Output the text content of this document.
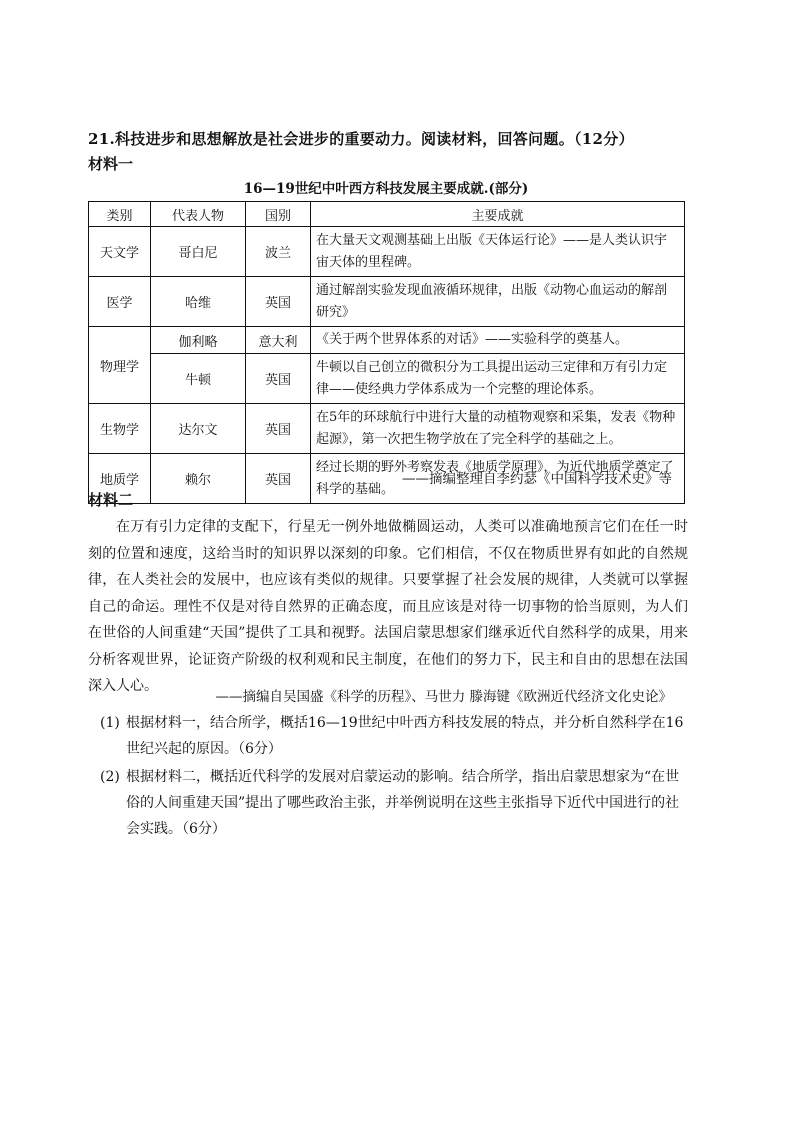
21.科技进步和思想解放是社会进步的重要动力。阅读材料，回答问题。（12分）
材料一
16—19世纪中叶西方科技发展主要成就.(部分)
类别	代表人物	国别	主要成就
天文学	哥白尼	波兰	在大量天文观测基础上出版《天体运行论》——是人类认识宇宙天体的里程碑。
医学	哈维	英国	通过解剖实验发现血液循环规律，出版《动物心血运动的解剖研究》
物理学	伽利略	意大利	《关于两个世界体系的对话》——实验科学的奠基人。
	牛顿	英国	牛顿以自己创立的微积分为工具提出运动三定律和万有引力定律——使经典力学体系成为一个完整的理论体系。
生物学	达尔文	英国	在5年的环球航行中进行大量的动植物观察和采集，发表《物种起源》，第一次把生物学放在了完全科学的基础之上。
地质学	赖尔	英国	经过长期的野外考察发表《地质学原理》，为近代地质学奠定了科学的基础。
——摘编整理自李约瑟《中国科学技术史》等
材料二

在万有引力定律的支配下，行星无一例外地做椭圆运动，人类可以准确地预言它们在任一时刻的位置和速度，这给当时的知识界以深刻的印象。它们相信，不仅在物质世界有如此的自然规律，在人类社会的发展中，也应该有类似的规律。只要掌握了社会发展的规律，人类就可以掌握自己的命运。理性不仅是对待自然界的正确态度，而且应该是对待一切事物的恰当原则，为人们在世俗的人间重建“天国”提供了工具和视野。法国启蒙思想家们继承近代自然科学的成果，用来分析客观世界，论证资产阶级的权利观和民主制度，在他们的努力下，民主和自由的思想在法国深入人心。

——摘编自吴国盛《科学的历程》、马世力 滕海键《欧洲近代经济文化史论》
(1) 根据材料一，结合所学，概括16—19世纪中叶西方科技发展的特点，并分析自然科学在16世纪兴起的原因。（6分）
(2) 根据材料二，概括近代科学的发展对启蒙运动的影响。结合所学，指出启蒙思想家为“在世俗的人间重建天国”提出了哪些政治主张，并举例说明在这些主张指导下近代中国进行的社会实践。（6分）
